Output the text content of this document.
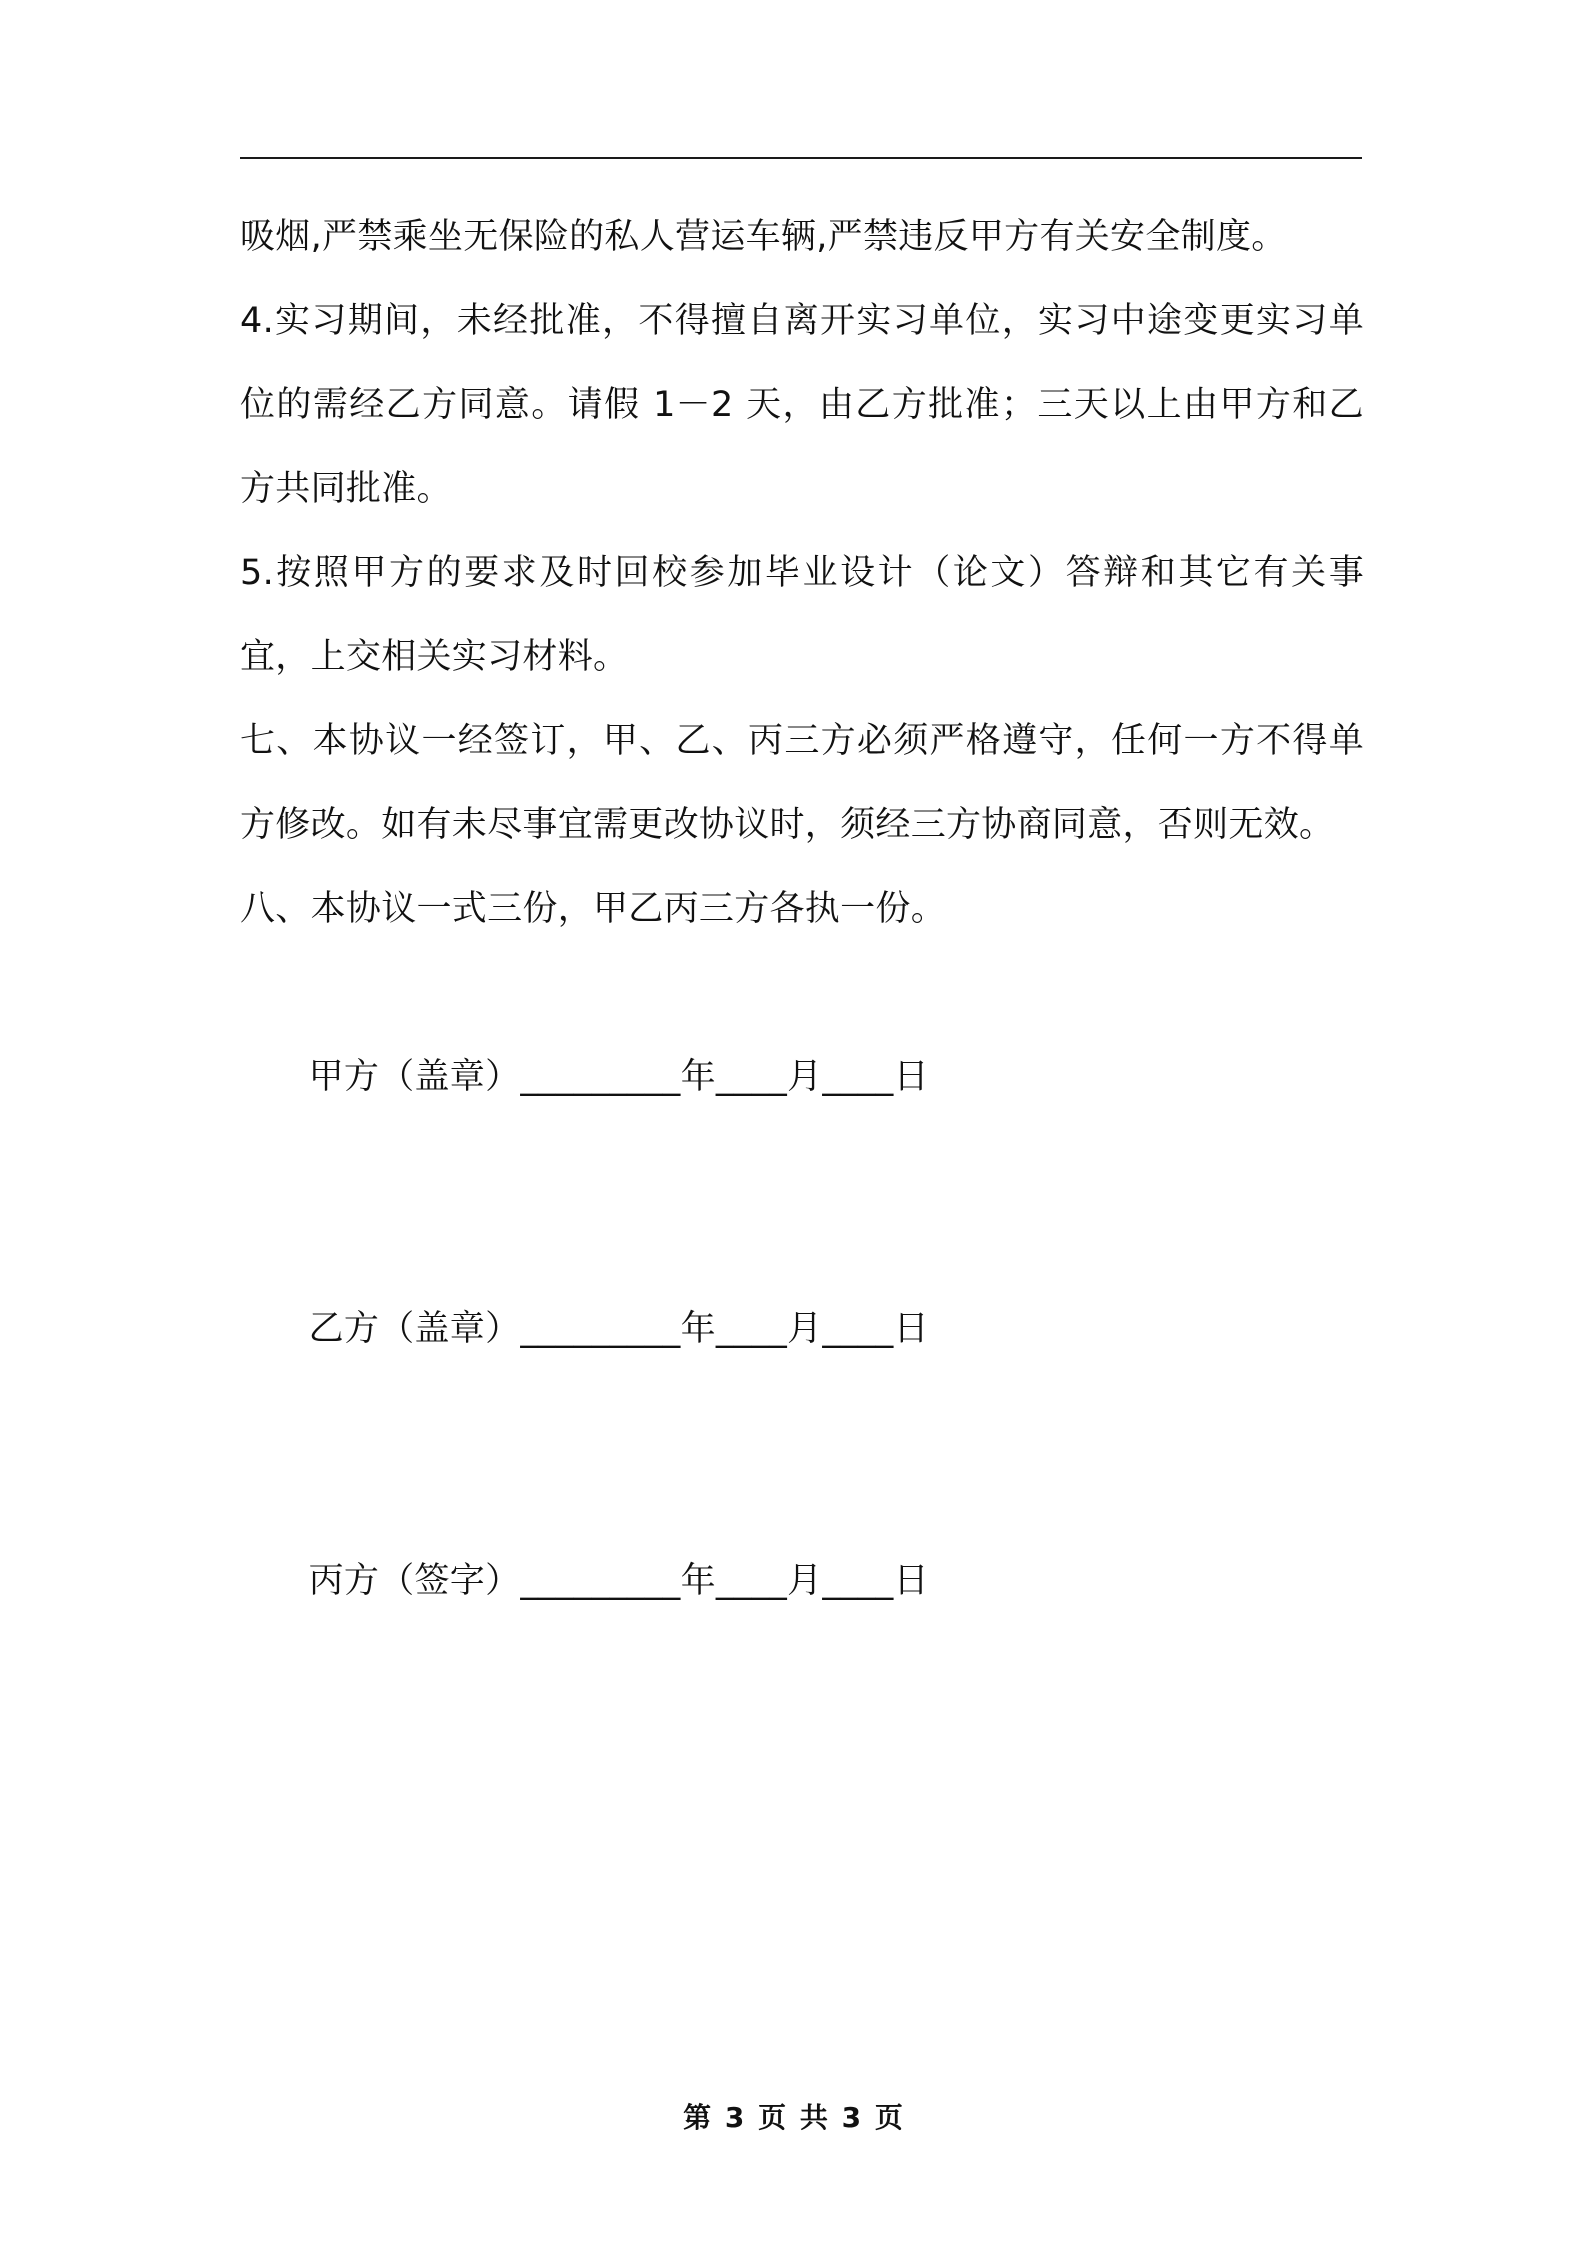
吸烟,严禁乘坐无保险的私人营运车辆,严禁违反甲方有关安全制度。

4.实习期间，未经批准，不得擅自离开实习单位，实习中途变更实习单位的需经乙方同意。请假 1－2 天，由乙方批准；三天以上由甲方和乙方共同批准。

5.按照甲方的要求及时回校参加毕业设计（论文）答辩和其它有关事宜，上交相关实习材料。

七、本协议一经签订，甲、乙、丙三方必须严格遵守，任何一方不得单方修改。如有未尽事宜需更改协议时，须经三方协商同意，否则无效。

八、本协议一式三份，甲乙丙三方各执一份。

甲方（盖章）_________年____月____日

乙方（盖章）_________年____月____日

丙方（签字）_________年____月____日

第 3 页 共 3 页
